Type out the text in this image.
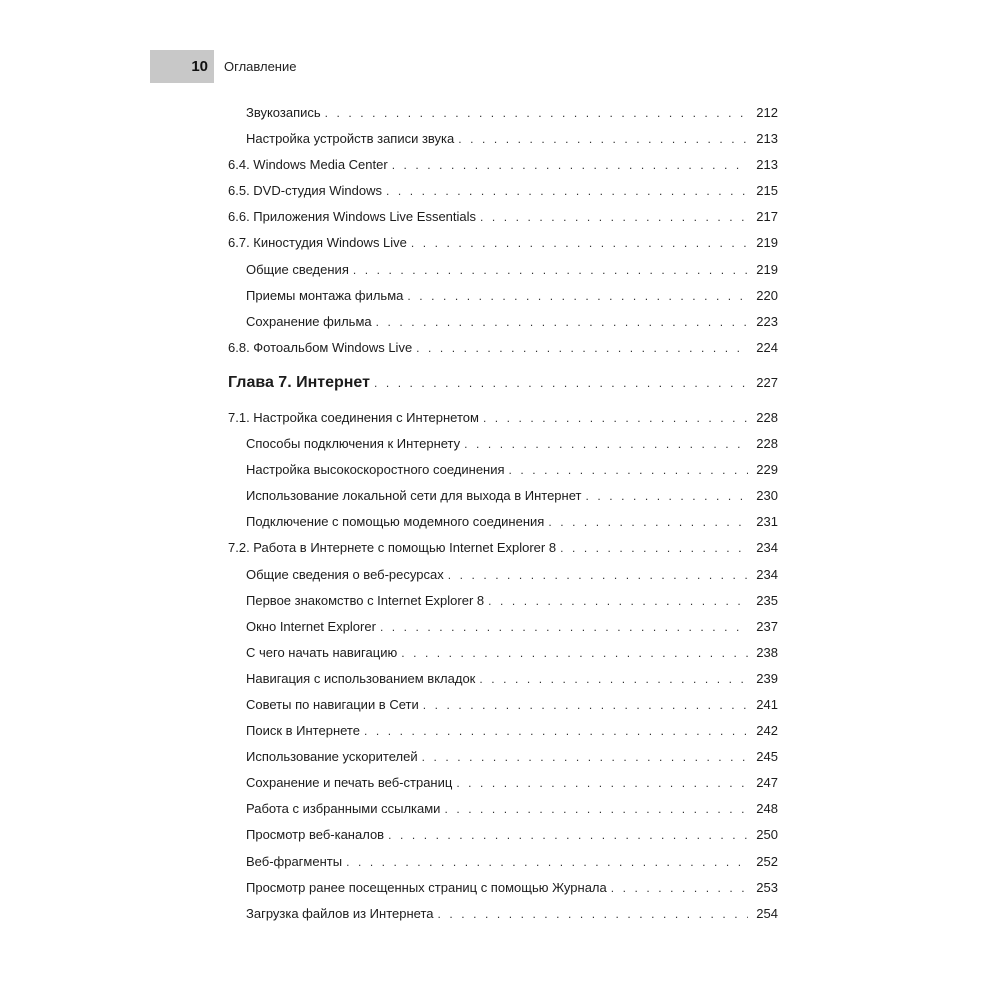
10	Оглавление
Звукозапись . . .	212
Настройка устройств записи звука . . .	213
6.4. Windows Media Center . . .	213
6.5. DVD-студия Windows . . .	215
6.6. Приложения Windows Live Essentials . . .	217
6.7. Киностудия Windows Live . . .	219
Общие сведения . . .	219
Приемы монтажа фильма . . .	220
Сохранение фильма . . .	223
6.8. Фотоальбом Windows Live . . .	224
Глава 7. Интернет . . .	227
7.1. Настройка соединения с Интернетом . . .	228
Способы подключения к Интернету . . .	228
Настройка высокоскоростного соединения . . .	229
Использование локальной сети для выхода в Интернет . . .	230
Подключение с помощью модемного соединения . . .	231
7.2. Работа в Интернете с помощью Internet Explorer 8 . . .	234
Общие сведения о веб-ресурсах . . .	234
Первое знакомство с Internet Explorer 8 . . .	235
Окно Internet Explorer . . .	237
С чего начать навигацию . . .	238
Навигация с использованием вкладок . . .	239
Советы по навигации в Сети . . .	241
Поиск в Интернете . . .	242
Использование ускорителей . . .	245
Сохранение и печать веб-страниц . . .	247
Работа с избранными ссылками . . .	248
Просмотр веб-каналов . . .	250
Веб-фрагменты . . .	252
Просмотр ранее посещенных страниц с помощью Журнала . . .	253
Загрузка файлов из Интернета . . .	254
